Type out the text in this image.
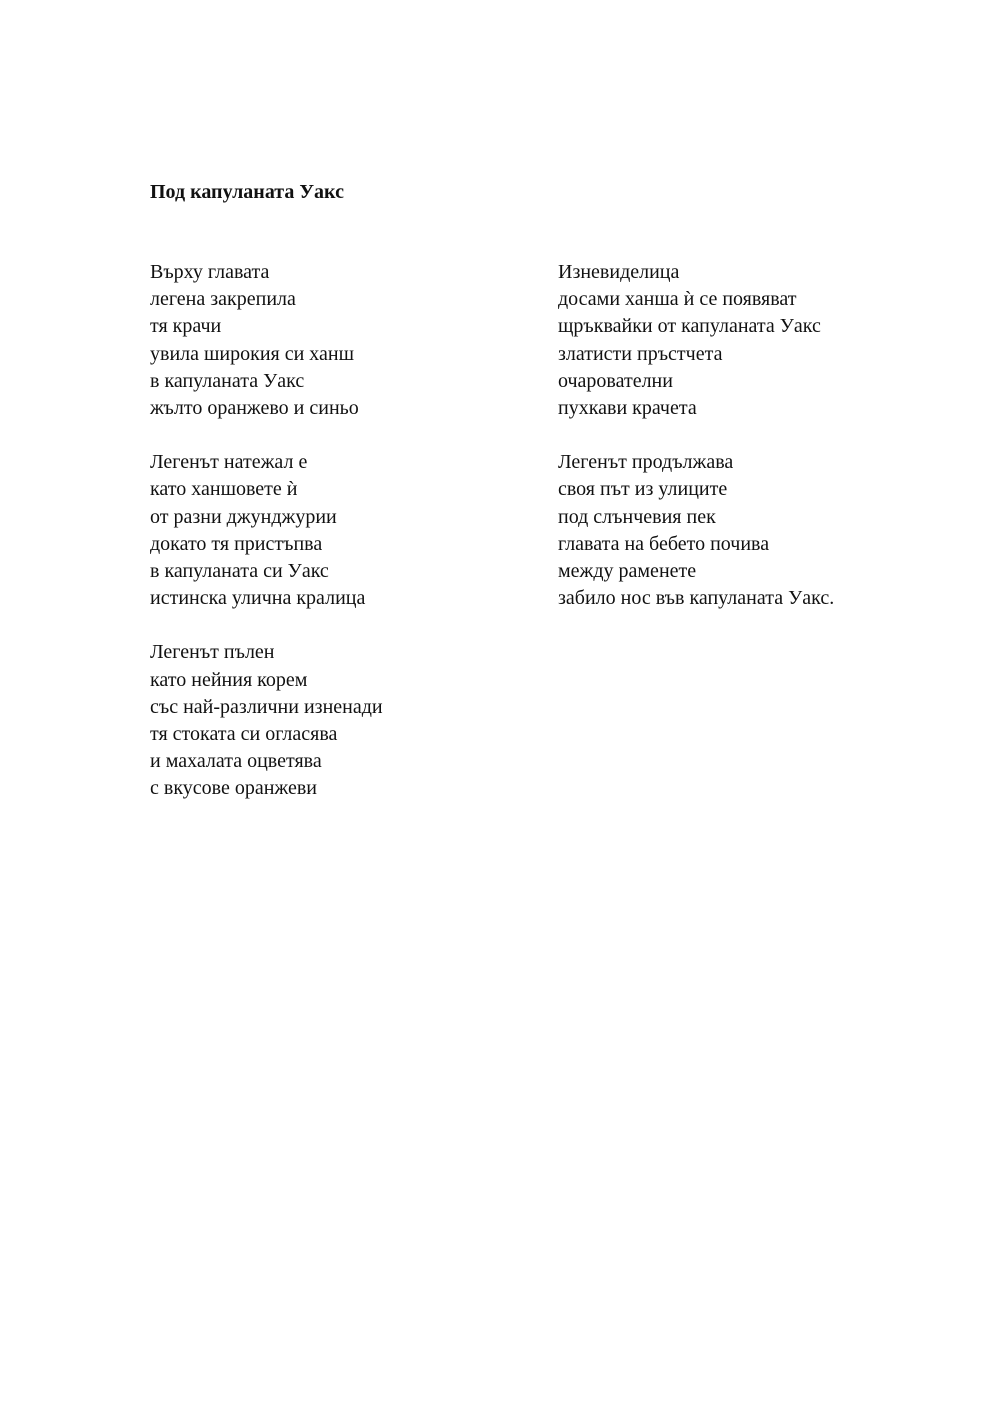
Под капуланата Уакс
Върху главата
легена закрепила
тя крачи
увила широкия си ханш
в капуланата Уакс
жълто оранжево и синьо
Легенът натежал е
като ханшовете ѝ
от разни джунджурии
докато тя пристъпва
в капуланата си Уакс
истинска улична кралица
Легенът пълен
като нейния корем
със най-различни изненади
тя стоката си огласява
и махалата оцветява
с вкусове оранжеви
Изневиделица
досами ханша ѝ се появяват
щръквайки от капуланата Уакс
златисти пръстчета
очарователни
пухкави крачета
Легенът продължава
своя път из улиците
под слънчевия пек
главата на бебето почива
между раменете
забило нос във капуланата Уакс.
